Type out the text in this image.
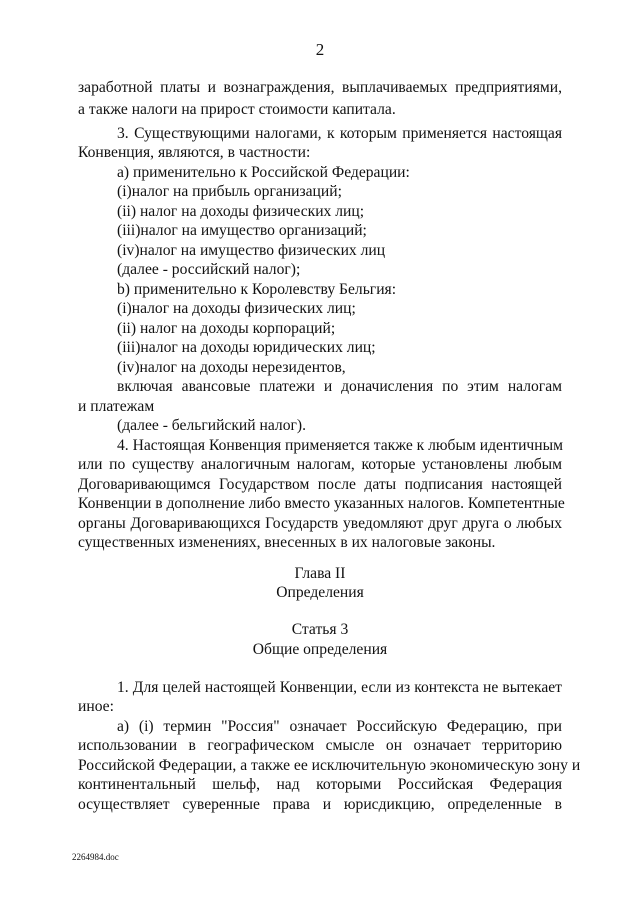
2
заработной платы и вознаграждения, выплачиваемых предприятиями,
а также налоги на прирост стоимости капитала.
3. Существующими налогами, к которым применяется настоящая
Конвенция, являются, в частности:
а) применительно к Российской Федерации:
(i)налог на прибыль организаций;
(ii) налог на доходы физических лиц;
(iii)налог на имущество организаций;
(iv)налог на имущество физических лиц
(далее - российский налог);
b) применительно к Королевству Бельгия:
(i)налог на доходы физических лиц;
(ii) налог на доходы корпораций;
(iii)налог на доходы юридических лиц;
(iv)налог на доходы нерезидентов,
включая авансовые платежи и доначисления по этим налогам
и платежам
(далее - бельгийский налог).
4. Настоящая Конвенция применяется также к любым идентичным
или по существу аналогичным налогам, которые установлены любым
Договаривающимся Государством после даты подписания настоящей
Конвенции в дополнение либо вместо указанных налогов. Компетентные
органы Договаривающихся Государств уведомляют друг друга о любых
существенных изменениях, внесенных в их налоговые законы.
Глава II
Определения
Статья 3
Общие определения
1. Для целей настоящей Конвенции, если из контекста не вытекает
иное:
а) (i) термин "Россия" означает Российскую Федерацию, при
использовании в географическом смысле он означает территорию
Российской Федерации, а также ее исключительную экономическую зону и
континентальный шельф, над которыми Российская Федерация
осуществляет суверенные права и юрисдикцию, определенные в
2264984.doc
